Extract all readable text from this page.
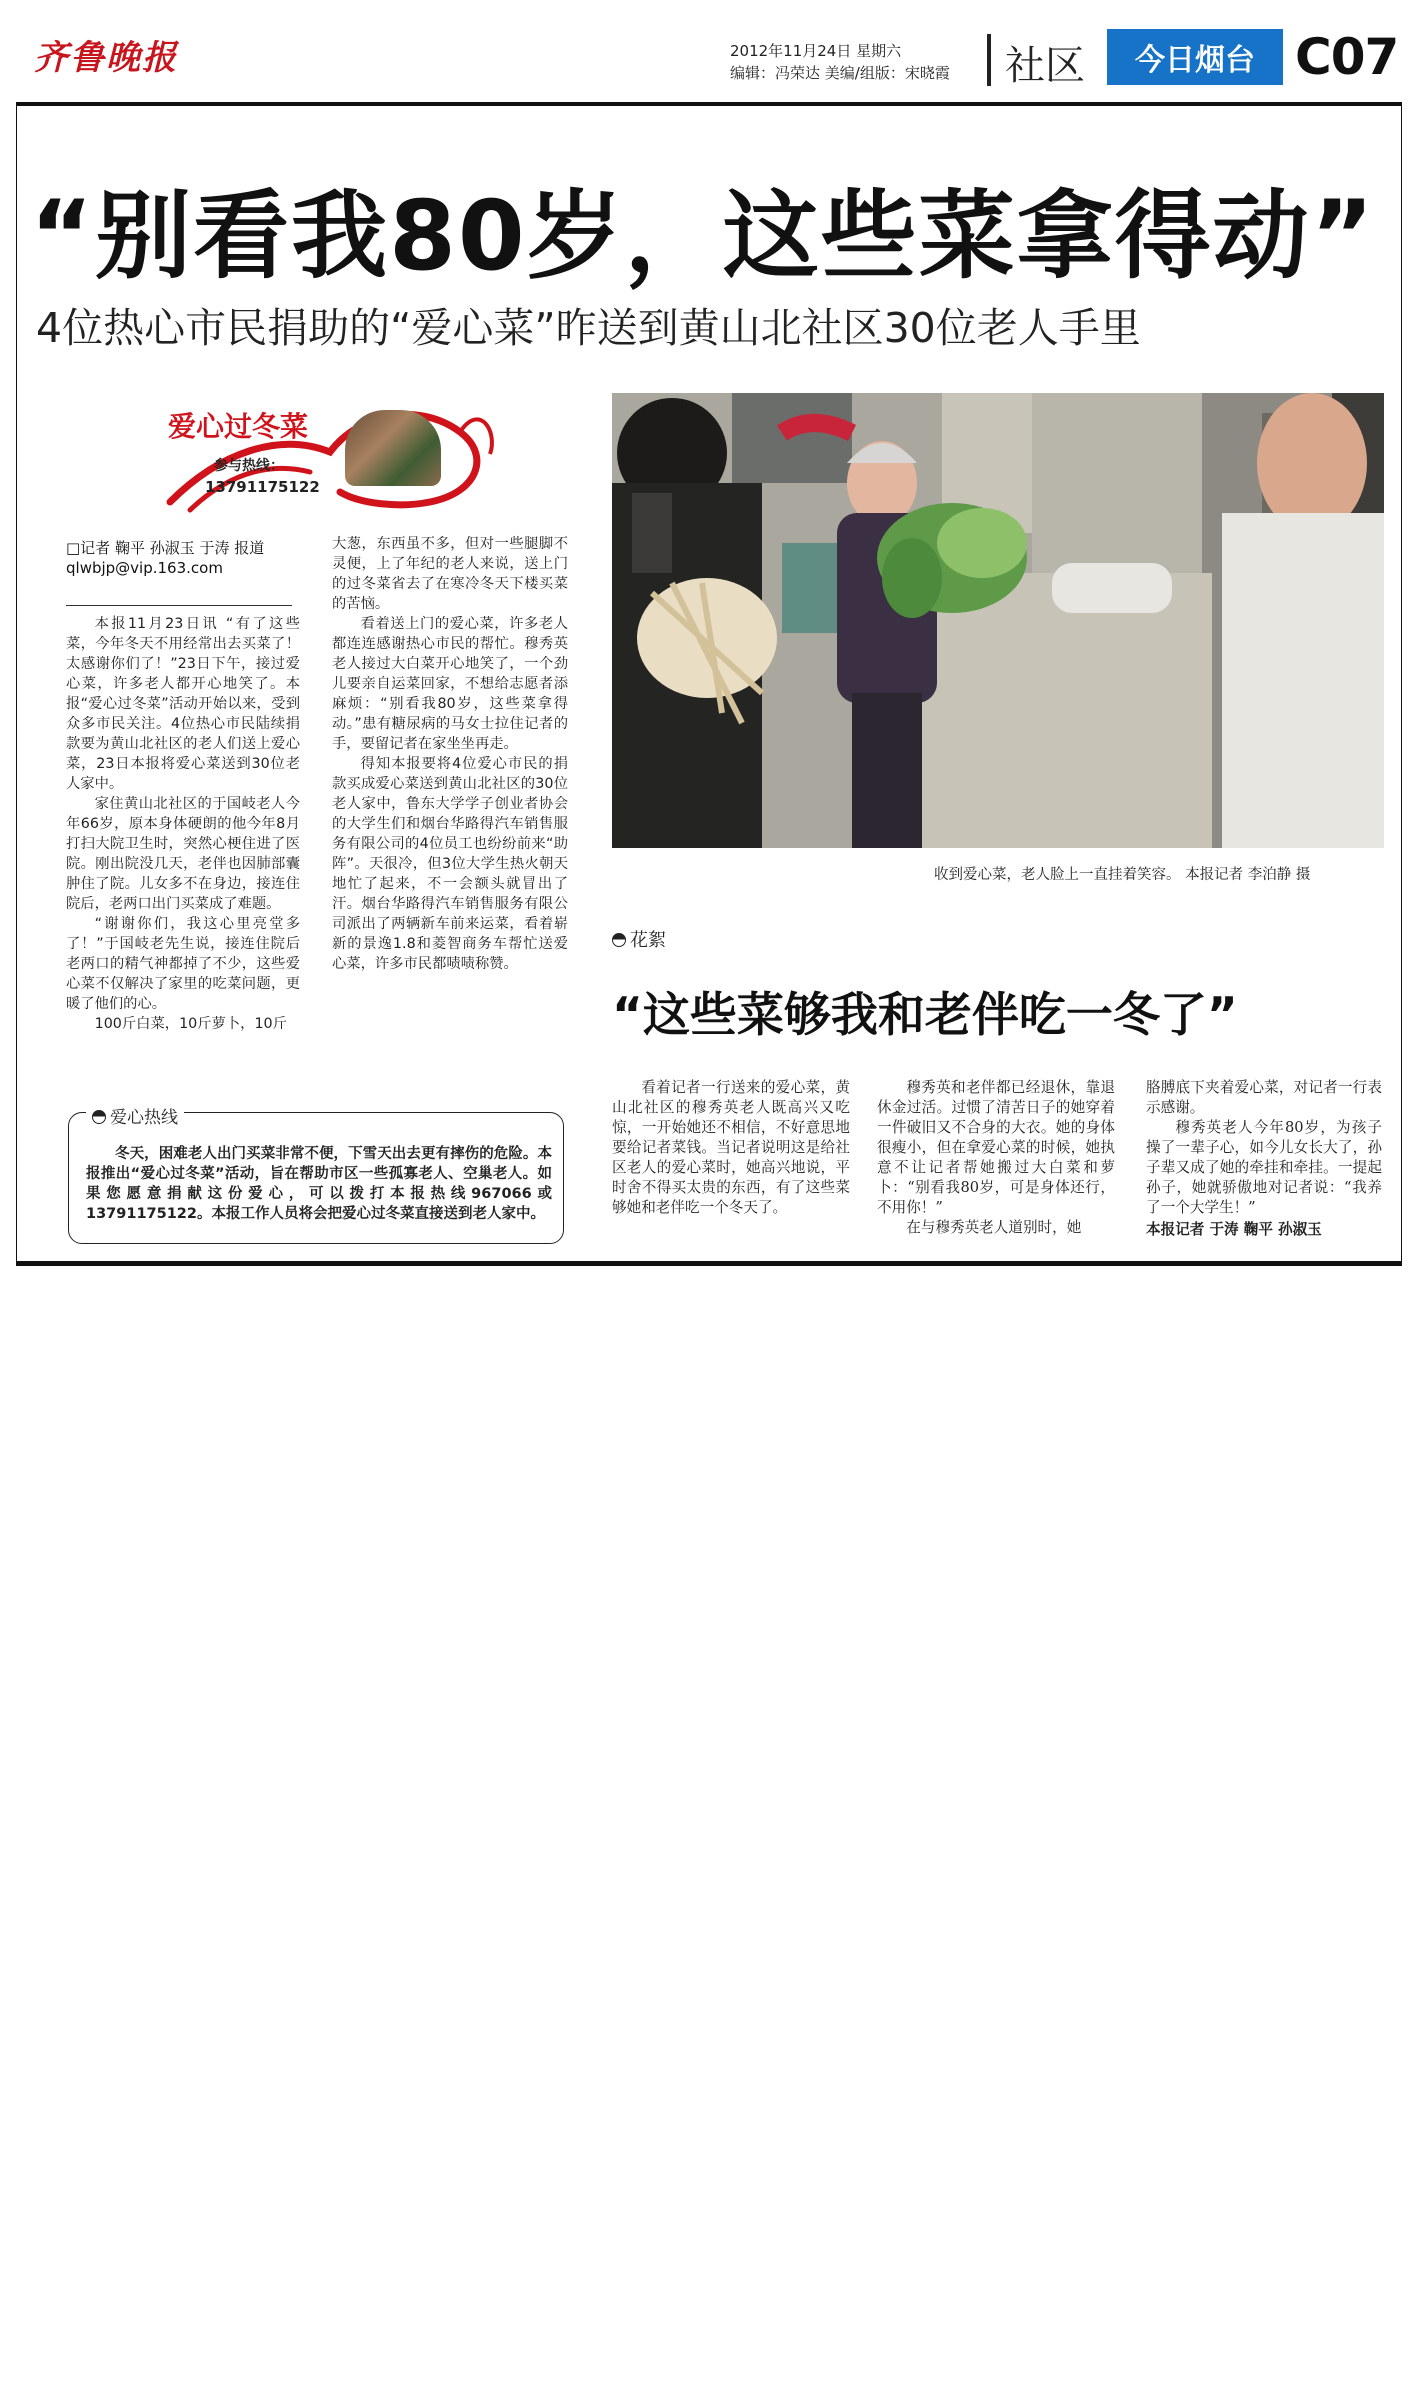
齐鲁晚报	2012年11月24日 星期六
编辑：冯荣达 美编/组版：宋晓霞 社区	今日烟台 C07
“别看我80岁，这些菜拿得动”
4位热心市民捐助的“爱心菜”昨送到黄山北社区30位老人手里
爱心过冬菜
参与热线：
13791175122
□记者 鞠平 孙淑玉 于涛 报道
qlwbjp@vip.163.com

本报11月23日讯 “有了这些菜，今年冬天不用经常出去买菜了！太感谢你们了！”23日下午，接过爱心菜，许多老人都开心地笑了。本报“爱心过冬菜”活动开始以来，受到众多市民关注。4位热心市民陆续捐款要为黄山北社区的老人们送上爱心菜，23日本报将爱心菜送到30位老人家中。

家住黄山北社区的于国岐老人今年66岁，原本身体硬朗的他今年8月打扫大院卫生时，突然心梗住进了医院。刚出院没几天，老伴也因肺部囊肿住了院。儿女多不在身边，接连住院后，老两口出门买菜成了难题。

“谢谢你们，我这心里亮堂多了！”于国岐老先生说，接连住院后老两口的精气神都掉了不少，这些爱心菜不仅解决了家里的吃菜问题，更暖了他们的心。

100斤白菜，10斤萝卜，10斤

大葱，东西虽不多，但对一些腿脚不灵便，上了年纪的老人来说，送上门的过冬菜省去了在寒冷冬天下楼买菜的苦恼。

看着送上门的爱心菜，许多老人都连连感谢热心市民的帮忙。穆秀英老人接过大白菜开心地笑了，一个劲儿要亲自运菜回家，不想给志愿者添麻烦：“别看我80岁，这些菜拿得动。”患有糖尿病的马女士拉住记者的手，要留记者在家坐坐再走。

得知本报要将4位爱心市民的捐款买成爱心菜送到黄山北社区的30位老人家中，鲁东大学学子创业者协会的大学生们和烟台华路得汽车销售服务有限公司的4位员工也纷纷前来“助阵”。天很冷，但3位大学生热火朝天地忙了起来，不一会额头就冒出了汗。烟台华路得汽车销售服务有限公司派出了两辆新车前来运菜，看着崭新的景逸1.8和菱智商务车帮忙送爱心菜，许多市民都啧啧称赞。

爱心热线
冬天，困难老人出门买菜非常不便，下雪天出去更有摔伤的危险。本报推出“爱心过冬菜”活动，旨在帮助市区一些孤寡老人、空巢老人。如果您愿意捐献这份爱心，可以拨打本报热线967066或13791175122。本报工作人员将会把爱心过冬菜直接送到老人家中。
收到爱心菜，老人脸上一直挂着笑容。 本报记者 李泊静 摄
花絮
“这些菜够我和老伴吃一冬了”

看着记者一行送来的爱心菜，黄山北社区的穆秀英老人既高兴又吃惊，一开始她还不相信，不好意思地要给记者菜钱。当记者说明这是给社区老人的爱心菜时，她高兴地说，平时舍不得买太贵的东西，有了这些菜够她和老伴吃一个冬天了。

穆秀英和老伴都已经退休，靠退休金过活。过惯了清苦日子的她穿着一件破旧又不合身的大衣。她的身体很瘦小，但在拿爱心菜的时候，她执意不让记者帮她搬过大白菜和萝卜：“别看我80岁，可是身体还行，不用你！”

在与穆秀英老人道别时，她

胳膊底下夹着爱心菜，对记者一行表示感谢。

穆秀英老人今年80岁，为孩子操了一辈子心，如今儿女长大了，孙子辈又成了她的牵挂和牵挂。一提起孙子，她就骄傲地对记者说：“我养了一个大学生！”

本报记者 于涛 鞠平 孙淑玉
